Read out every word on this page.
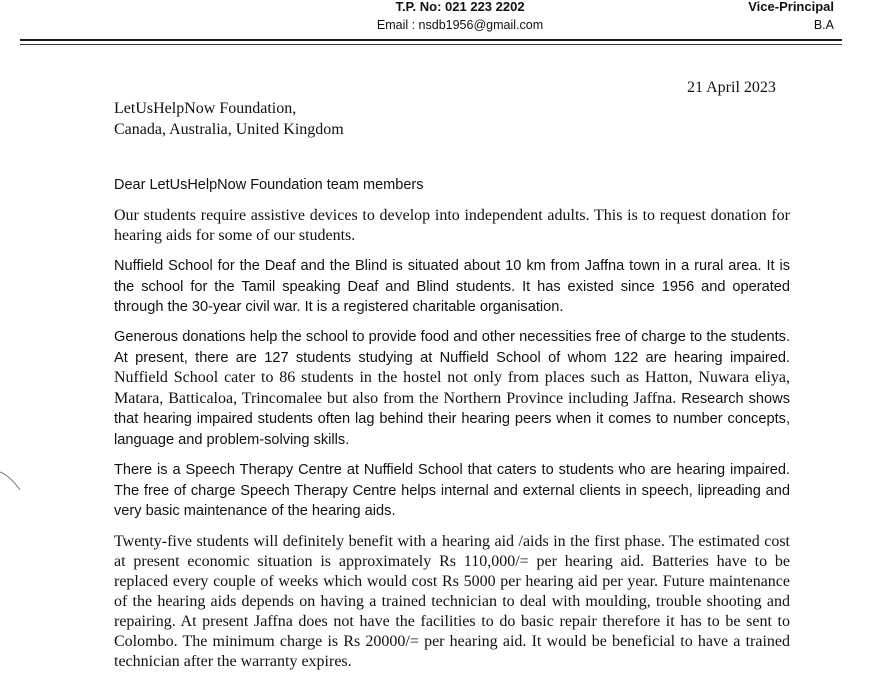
T.P. No: 021 223 2202
Email : nsdb1956@gmail.com
Vice-Principal
B.A
21 April 2023
LetUsHelpNow Foundation,
Canada, Australia, United Kingdom
Dear LetUsHelpNow Foundation team members
Our students require assistive devices to develop into independent adults. This is to request donation for hearing aids for some of our students.
Nuffield School for the Deaf and the Blind is situated about 10 km from Jaffna town in a rural area. It is the school for the Tamil speaking Deaf and Blind students. It has existed since 1956 and operated through the 30-year civil war. It is a registered charitable organisation.
Generous donations help the school to provide food and other necessities free of charge to the students. At present, there are 127 students studying at Nuffield School of whom 122 are hearing impaired. Nuffield School cater to 86 students in the hostel not only from places such as Hatton, Nuwara eliya, Matara, Batticaloa, Trincomalee but also from the Northern Province including Jaffna. Research shows that hearing impaired students often lag behind their hearing peers when it comes to number concepts, language and problem-solving skills.
There is a Speech Therapy Centre at Nuffield School that caters to students who are hearing impaired. The free of charge Speech Therapy Centre helps internal and external clients in speech, lipreading and very basic maintenance of the hearing aids.
Twenty-five students will definitely benefit with a hearing aid /aids in the first phase. The estimated cost at present economic situation is approximately Rs 110,000/= per hearing aid. Batteries have to be replaced every couple of weeks which would cost Rs 5000 per hearing aid per year. Future maintenance of the hearing aids depends on having a trained technician to deal with moulding, trouble shooting and repairing. At present Jaffna does not have the facilities to do basic repair therefore it has to be sent to Colombo. The minimum charge is Rs 20000/= per hearing aid. It would be beneficial to have a trained technician after the warranty expires.
